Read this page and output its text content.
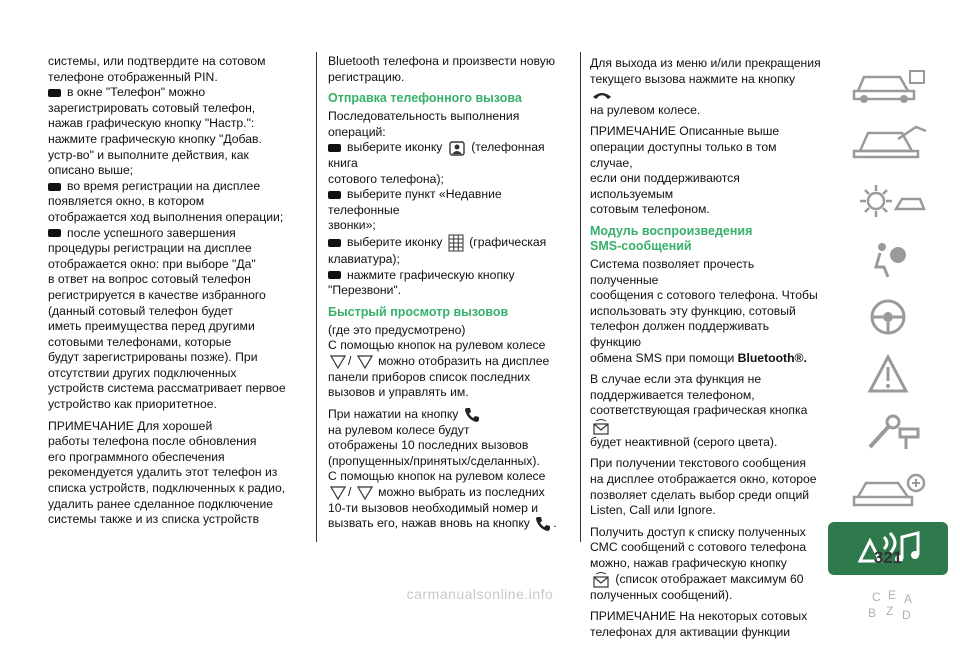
системы, или подтвердите на сотовом
телефоне отображенный PIN.
в окне "Телефон" можно
зарегистрировать сотовый телефон,
нажав графическую кнопку "Настр.":
нажмите графическую кнопку "Добав.
устр-во" и выполните действия, как
описано выше;
во время регистрации на дисплее
появляется окно, в котором
отображается ход выполнения операции;
после успешного завершения
процедуры регистрации на дисплее
отображается окно: при выборе "Да"
в ответ на вопрос сотовый телефон
регистрируется в качестве избранного
(данный сотовый телефон будет
иметь преимущества перед другими
сотовыми телефонами, которые
будут зарегистрированы позже). При
отсутствии других подключенных
устройств система рассматривает первое
устройство как приоритетное.

ПРИМЕЧАНИЕ Для хорошей
работы телефона после обновления
его программного обеспечения
рекомендуется удалить этот телефон из
списка устройств, подключенных к радио,
удалить ранее сделанное подключение
системы также и из списка устройств

Bluetooth телефона и произвести новую
регистрацию.

Отправка телефонного вызова

Последовательность выполнения
операций:
выберите иконку (телефонная книга
сотового телефона);
выберите пункт «Недавние телефонные
звонки»;
выберите иконку (графическая
клавиатура);
нажмите графическую кнопку
"Перезвони".

Быстрый просмотр вызовов

(где это предусмотрено)
С помощью кнопок на рулевом колесе
/ можно отобразить на дисплее
панели приборов список последних
вызовов и управлять им.

При нажатии на кнопку
на рулевом колесе будут
отображены 10 последних вызовов
(пропущенных/принятых/сделанных).
С помощью кнопок на рулевом колесе
/ можно выбрать из последних
10-ти вызовов необходимый номер и
вызвать его, нажав вновь на кнопку .

Для выхода из меню и/или прекращения
текущего вызова нажмите на кнопку
на рулевом колесе.

ПРИМЕЧАНИЕ Описанные выше
операции доступны только в том случае,
если они поддерживаются используемым
сотовым телефоном.

Модуль воспроизведения
SMS-сообщений

Система позволяет прочесть полученные
сообщения с сотового телефона. Чтобы
использовать эту функцию, сотовый
телефон должен поддерживать функцию
обмена SMS при помощи Bluetooth®.

В случае если эта функция не
поддерживается телефоном,
соответствующая графическая кнопка
будет неактивной (серого цвета).

При получении текстового сообщения
на дисплее отображается окно, которое
позволяет сделать выбор среди опций
Listen, Call или Ignore.

Получить доступ к списку полученных
СМС сообщений с сотового телефона
можно, нажав графическую кнопку
(список отображает максимум 60
полученных сообщений).

ПРИМЕЧАНИЕ На некоторых сотовых
телефонах для активации функции

C E A
B Z D
321
carmanualsonline.info
